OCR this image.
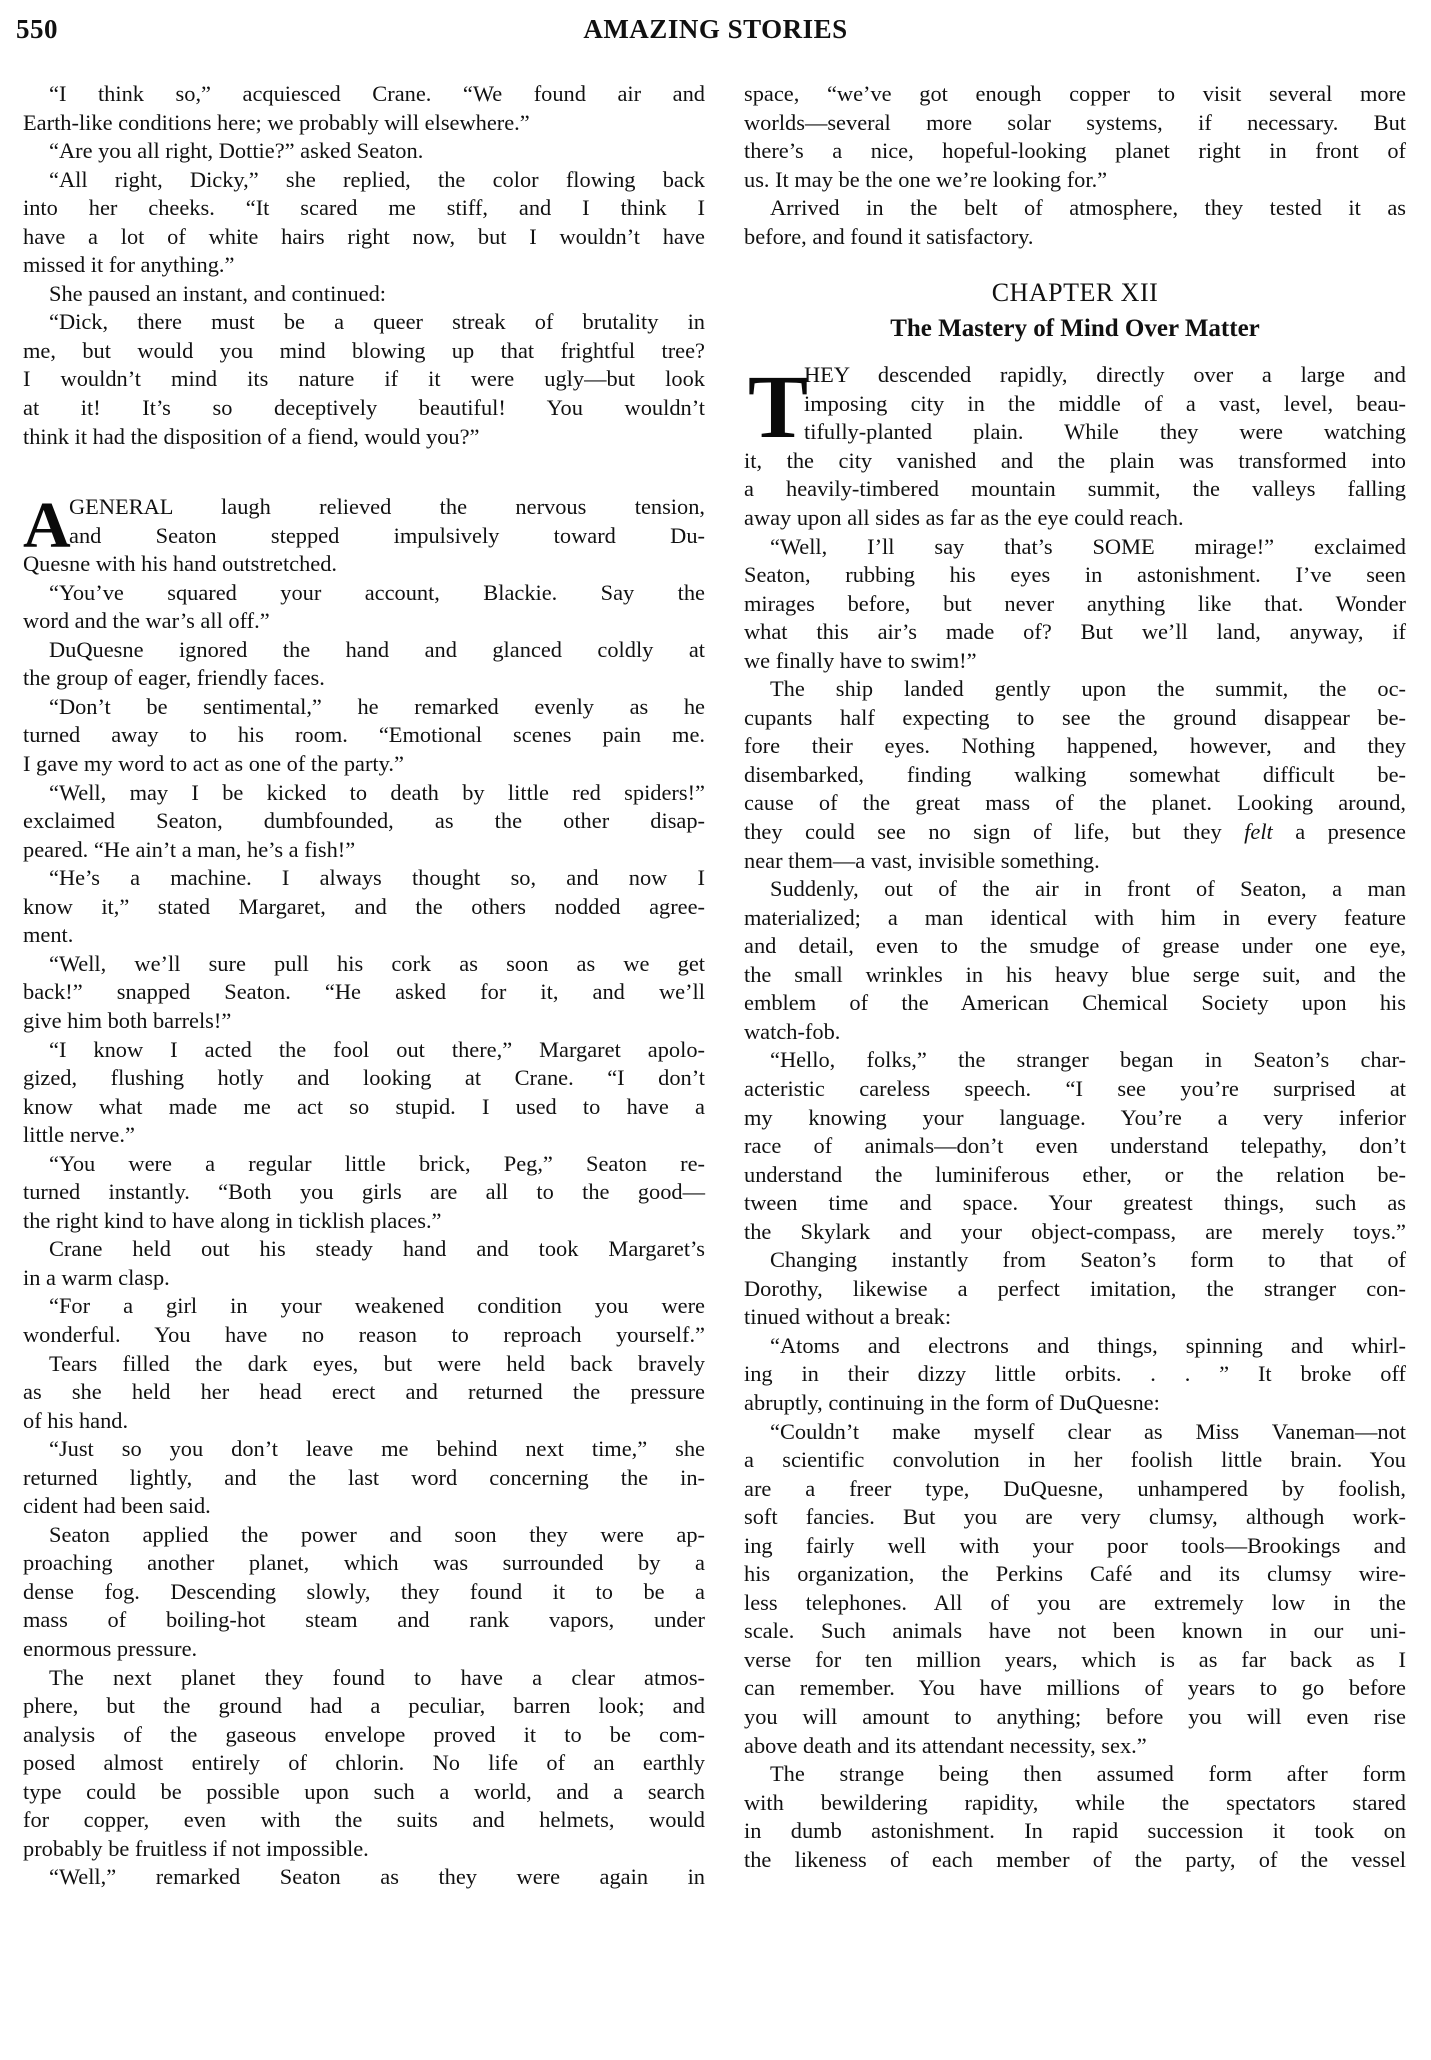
550	AMAZING STORIES
“I think so,” acquiesced Crane. “We found air and
Earth-like conditions here; we probably will elsewhere.”
“Are you all right, Dottie?” asked Seaton.
“All right, Dicky,” she replied, the color flowing back
into her cheeks. “It scared me stiff, and I think I
have a lot of white hairs right now, but I wouldn’t have
missed it for anything.”
She paused an instant, and continued:
“Dick, there must be a queer streak of brutality in
me, but would you mind blowing up that frightful tree?
I wouldn’t mind its nature if it were ugly—but look
at it! It’s so deceptively beautiful! You wouldn’t
think it had the disposition of a fiend, would you?”
A
GENERAL laugh relieved the nervous tension,
and Seaton stepped impulsively toward Du-
Quesne with his hand outstretched.
“You’ve squared your account, Blackie. Say the
word and the war’s all off.”
DuQuesne ignored the hand and glanced coldly at
the group of eager, friendly faces.
“Don’t be sentimental,” he remarked evenly as he
turned away to his room. “Emotional scenes pain me.
I gave my word to act as one of the party.”
“Well, may I be kicked to death by little red spiders!”
exclaimed Seaton, dumbfounded, as the other disap-
peared. “He ain’t a man, he’s a fish!”
“He’s a machine. I always thought so, and now I
know it,” stated Margaret, and the others nodded agree-
ment.
“Well, we’ll sure pull his cork as soon as we get
back!” snapped Seaton. “He asked for it, and we’ll
give him both barrels!”
“I know I acted the fool out there,” Margaret apolo-
gized, flushing hotly and looking at Crane. “I don’t
know what made me act so stupid. I used to have a
little nerve.”
“You were a regular little brick, Peg,” Seaton re-
turned instantly. “Both you girls are all to the good—
the right kind to have along in ticklish places.”
Crane held out his steady hand and took Margaret’s
in a warm clasp.
“For a girl in your weakened condition you were
wonderful. You have no reason to reproach yourself.”
Tears filled the dark eyes, but were held back bravely
as she held her head erect and returned the pressure
of his hand.
“Just so you don’t leave me behind next time,” she
returned lightly, and the last word concerning the in-
cident had been said.
Seaton applied the power and soon they were ap-
proaching another planet, which was surrounded by a
dense fog. Descending slowly, they found it to be a
mass of boiling-hot steam and rank vapors, under
enormous pressure.
The next planet they found to have a clear atmos-
phere, but the ground had a peculiar, barren look; and
analysis of the gaseous envelope proved it to be com-
posed almost entirely of chlorin. No life of an earthly
type could be possible upon such a world, and a search
for copper, even with the suits and helmets, would
probably be fruitless if not impossible.
“Well,” remarked Seaton as they were again in
space, “we’ve got enough copper to visit several more
worlds—several more solar systems, if necessary. But
there’s a nice, hopeful-looking planet right in front of
us. It may be the one we’re looking for.”
Arrived in the belt of atmosphere, they tested it as
before, and found it satisfactory.
CHAPTER XII
The Mastery of Mind Over Matter
T
HEY descended rapidly, directly over a large and
imposing city in the middle of a vast, level, beau-
tifully-planted plain. While they were watching
it, the city vanished and the plain was transformed into
a heavily-timbered mountain summit, the valleys falling
away upon all sides as far as the eye could reach.
“Well, I’ll say that’s SOME mirage!” exclaimed
Seaton, rubbing his eyes in astonishment. I’ve seen
mirages before, but never anything like that. Wonder
what this air’s made of? But we’ll land, anyway, if
we finally have to swim!”
The ship landed gently upon the summit, the oc-
cupants half expecting to see the ground disappear be-
fore their eyes. Nothing happened, however, and they
disembarked, finding walking somewhat difficult be-
cause of the great mass of the planet. Looking around,
they could see no sign of life, but they felt a presence
near them—a vast, invisible something.
Suddenly, out of the air in front of Seaton, a man
materialized; a man identical with him in every feature
and detail, even to the smudge of grease under one eye,
the small wrinkles in his heavy blue serge suit, and the
emblem of the American Chemical Society upon his
watch-fob.
“Hello, folks,” the stranger began in Seaton’s char-
acteristic careless speech. “I see you’re surprised at
my knowing your language. You’re a very inferior
race of animals—don’t even understand telepathy, don’t
understand the luminiferous ether, or the relation be-
tween time and space. Your greatest things, such as
the Skylark and your object-compass, are merely toys.”
Changing instantly from Seaton’s form to that of
Dorothy, likewise a perfect imitation, the stranger con-
tinued without a break:
“Atoms and electrons and things, spinning and whirl-
ing in their dizzy little orbits. . . ” It broke off
abruptly, continuing in the form of DuQuesne:
“Couldn’t make myself clear as Miss Vaneman—not
a scientific convolution in her foolish little brain. You
are a freer type, DuQuesne, unhampered by foolish,
soft fancies. But you are very clumsy, although work-
ing fairly well with your poor tools—Brookings and
his organization, the Perkins Café and its clumsy wire-
less telephones. All of you are extremely low in the
scale. Such animals have not been known in our uni-
verse for ten million years, which is as far back as I
can remember. You have millions of years to go before
you will amount to anything; before you will even rise
above death and its attendant necessity, sex.”
The strange being then assumed form after form
with bewildering rapidity, while the spectators stared
in dumb astonishment. In rapid succession it took on
the likeness of each member of the party, of the vessel
